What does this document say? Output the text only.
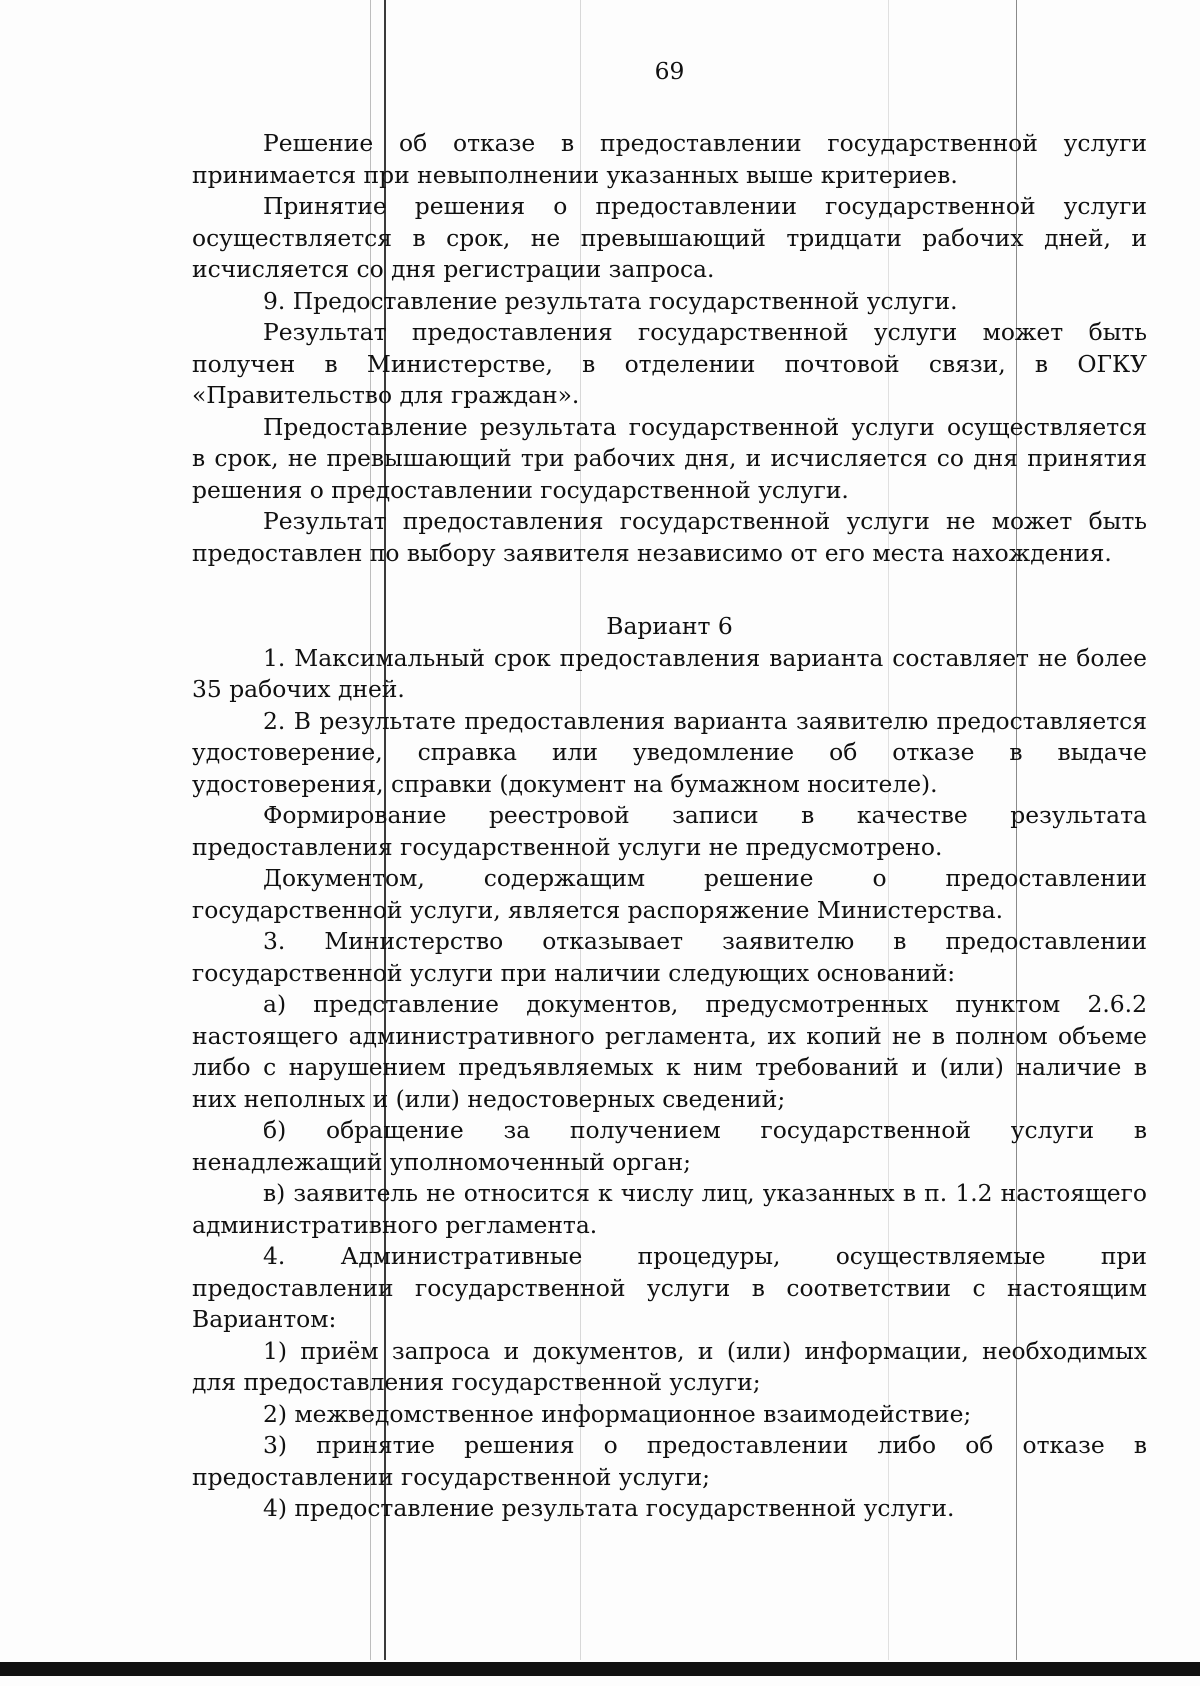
69

Решение об отказе в предоставлении государственной услуги принимается при невыполнении указанных выше критериев.

Принятие решения о предоставлении государственной услуги осуществляется в срок, не превышающий тридцати рабочих дней, и исчисляется со дня регистрации запроса.

9. Предоставление результата государственной услуги.

Результат предоставления государственной услуги может быть получен в Министерстве, в отделении почтовой связи, в ОГКУ «Правительство для граждан».

Предоставление результата государственной услуги осуществляется в срок, не превышающий три рабочих дня, и исчисляется со дня принятия решения о предоставлении государственной услуги.

Результат предоставления государственной услуги не может быть предоставлен по выбору заявителя независимо от его места нахождения.

Вариант 6

1. Максимальный срок предоставления варианта составляет не более 35 рабочих дней.

2. В результате предоставления варианта заявителю предоставляется удостоверение, справка или уведомление об отказе в выдаче удостоверения, справки (документ на бумажном носителе).

Формирование реестровой записи в качестве результата предоставления государственной услуги не предусмотрено.

Документом, содержащим решение о предоставлении государственной услуги, является распоряжение Министерства.

3. Министерство отказывает заявителю в предоставлении государственной услуги при наличии следующих оснований:

а) представление документов, предусмотренных пунктом 2.6.2 настоящего административного регламента, их копий не в полном объеме либо с нарушением предъявляемых к ним требований и (или) наличие в них неполных и (или) недостоверных сведений;

б) обращение за получением государственной услуги в ненадлежащий уполномоченный орган;

в) заявитель не относится к числу лиц, указанных в п. 1.2 настоящего административного регламента.

4. Административные процедуры, осуществляемые при предоставлении государственной услуги в соответствии с настоящим Вариантом:

1) приём запроса и документов, и (или) информации, необходимых для предоставления государственной услуги;

2) межведомственное информационное взаимодействие;

3) принятие решения о предоставлении либо об отказе в предоставлении государственной услуги;

4) предоставление результата государственной услуги.
